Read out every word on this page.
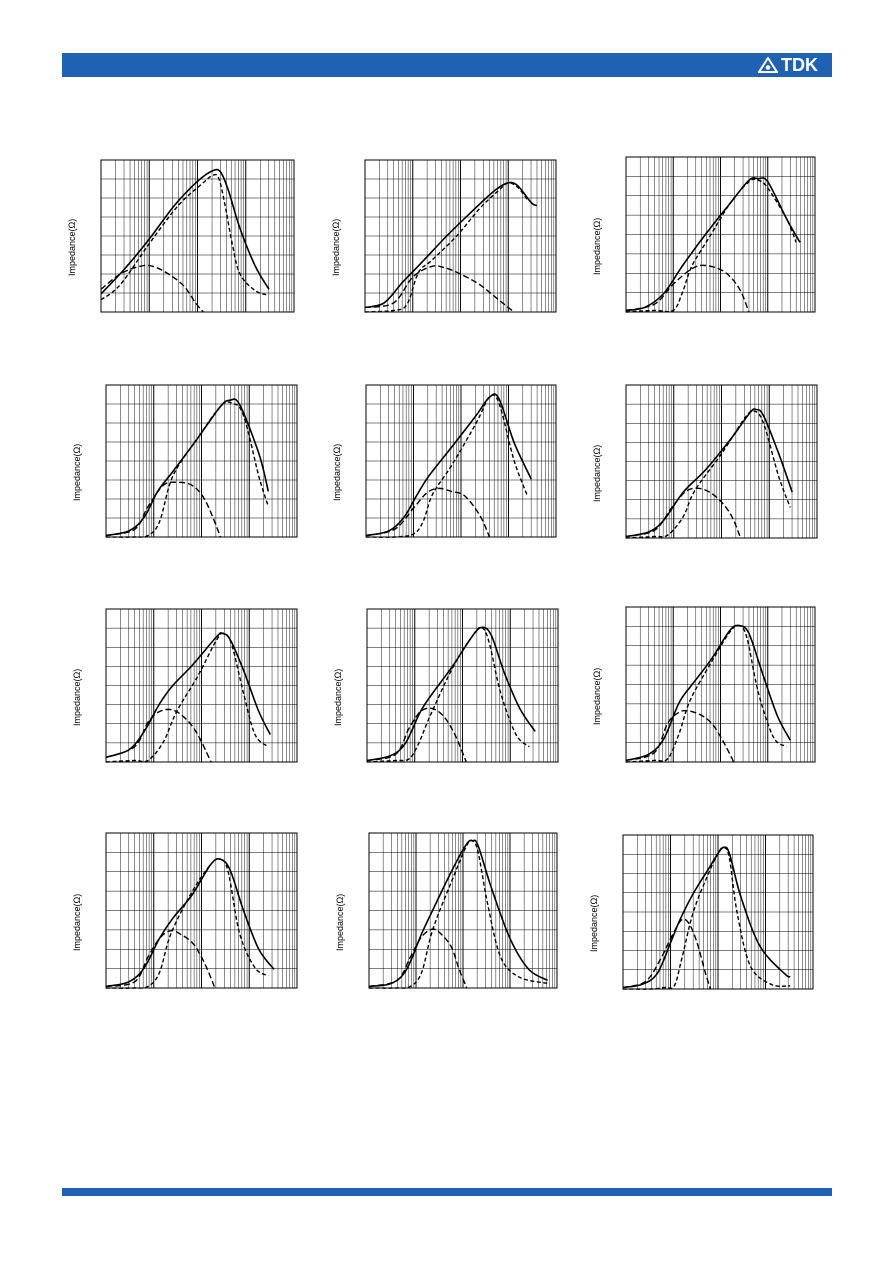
TDK
Impedance(Ω)	Impedance(Ω)	Impedance(Ω)
Impedance(Ω)	Impedance(Ω)	Impedance(Ω)
Impedance(Ω)	Impedance(Ω)	Impedance(Ω)
Impedance(Ω)	Impedance(Ω)	Impedance(Ω)
